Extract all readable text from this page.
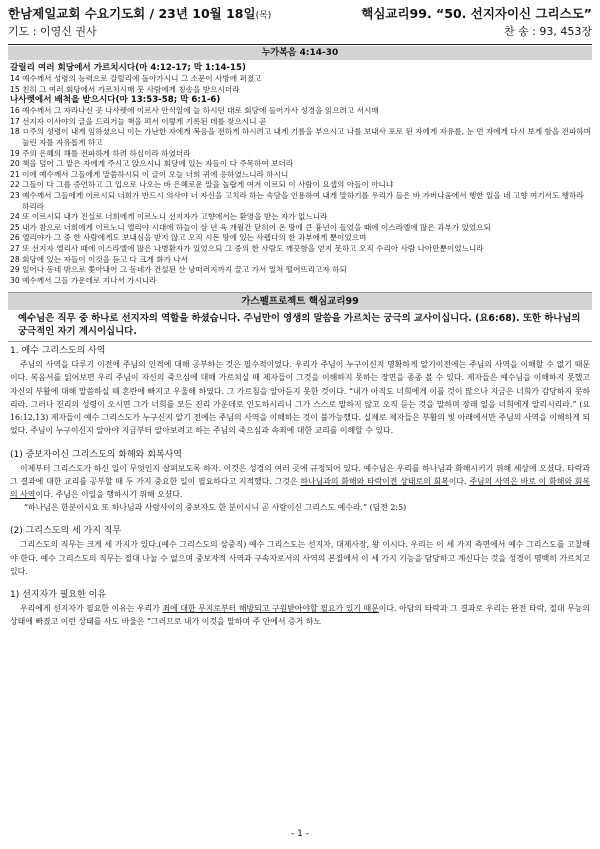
한남제일교회 수요기도회 / 23년 10월 18일(목)
기도 : 이영신 권사
핵심교리99. “50. 선지자이신 그리스도”
찬 송 : 93, 453장
누가복음 4:14-30

갈릴리 여러 회당에서 가르치시다(마 4:12-17; 막 1:14-15)

14 예수께서 성령의 능력으로 갈릴리에 돌아가시니 그 소문이 사방에 퍼졌고

15 친히 그 여러 회당에서 가르치시매 뭇 사람에게 칭송을 받으시더라

나사렛에서 배척을 받으시다(마 13:53-58; 막 6:1-6)

16 예수께서 그 자라나신 곳 나사렛에 이르사 안식일에 늘 하시던 대로 회당에 들어가사 성경을 읽으려고 서시매

17 선지자 이사야의 글을 드리거늘 책을 펴서 이렇게 기록된 데를 찾으시니 곧

18 ㅁ주의 성령이 내게 임하셨으니 이는 가난한 자에게 복음을 전하게 하시려고 내게 기름을 부으시고 나를 보내사 포로 된 자에게 자유를, 눈 먼 자에게 다시 보게 함을 전파하며 눌린 자를 자유롭게 하고

19 주의 은혜의 해를 전파하게 하려 하심이라 하였더라

20 책을 덮어 그 맡은 자에게 주시고 앉으시니 회당에 있는 자들이 다 주목하여 보더라

21 이에 예수께서 그들에게 말씀하시되 이 글이 오늘 너희 귀에 응하였느니라 하시니

22 그들이 다 그를 증언하고 그 입으로 나오는 바 은혜로운 말을 놀랍게 여겨 이르되 이 사람이 요셉의 아들이 아니냐

23 예수께서 그들에게 이르시되 너희가 반드시 의사야 너 자신을 고치라 하는 속담을 인용하여 내게 말하기를 우리가 들은 바 가버나움에서 행한 일을 네 고향 여기서도 행하라 하리라

24 또 이르시되 내가 진실로 너희에게 이르노니 선지자가 고향에서는 환영을 받는 자가 없느니라

25 내가 참으로 너희에게 이르노니 엘리야 시대에 하늘이 삼 년 육 개월간 닫히어 온 땅에 큰 흉년이 들었을 때에 이스라엘에 많은 과부가 있었으되

26 엘리야가 그 중 한 사람에게도 보내심을 받지 않고 오직 시돈 땅에 있는 사렙다의 한 과부에게 뿐이었으며

27 또 선지자 엘리사 때에 이스라엘에 많은 나병환자가 있었으되 그 중의 한 사람도 깨끗함을 얻지 못하고 오직 수리아 사람 나아만뿐이었느니라

28 회당에 있는 자들이 이것을 듣고 다 크게 화가 나서

29 일어나 동네 밖으로 쫓아내어 그 동네가 건설된 산 낭떠러지까지 끌고 가서 밀쳐 떨어뜨리고자 하되

30 예수께서 그들 가운데로 지나서 가시니라

가스펠프로젝트 핵심교리99
예수님은 직무 중 하나로 선지자의 역할을 하셨습니다. 주님만이 영생의 말씀을 가르치는 궁극의 교사이십니다. (요6:68). 또한 하나님의 궁극적인 자기 계시이십니다.
1. 예수 그리스도의 사역

주님의 사역을 다루기 이전에 주님의 인격에 대해 공부하는 것은 필수적이었다. 우리가 주님이 누구이신지 명확하게 알기이전에는 주님의 사역을 이해할 수 없기 때문이다. 복음서를 읽어보면 우리 주님이 자신의 죽으심에 대해 가르치실 때 제자들이 그것을 이해하지 못하는 장면을 종종 볼 수 있다. 제자들은 예수님을 이해하지 못했고 자신의 부활에 대해 말씀하실 때 혼란에 빠지고 우울해 하였다. 그 가르침을 알아듣지 못한 것이다. “내가 아직도 너희에게 이를 것이 많으나 지금은 너희가 감당하지 못하리라. 그러나 진리의 성령이 오시면 그가 너희를 모든 진리 가운데로 인도하시리니 그가 스스로 말하지 않고 오직 듣는 것을 말하며 장래 일을 너희에게 알리시리라.” (요16:12,13) 제자들이 예수 그리스도가 누구신지 알기 전에는 주님의 사역을 이해하는 것이 불가능했다. 실제로 제자들은 부활의 빛 아래에서만 주님의 사역을 이해하게 되었다. 주님이 누구이신지 알아야 지금부터 알아보려고 하는 주님의 죽으심과 속죄에 대한 교리를 이해할 수 있다.

(1) 중보자이신 그리스도의 화해와 회복사역

이제부터 그리스도가 하신 일이 무엇인지 살펴보도록 하자. 이것은 성경의 여러 곳에 규정되어 있다. 예수님은 우리를 하나님과 화해시키기 위해 세상에 오셨다. 타락과 그 결과에 대한 교리를 공부할 때 두 가지 중요한 일이 필요하다고 지적했다. 그것은 하나님과의 화해와 타락이전 상태로의 회복이다. 주님의 사역은 바로 이 화해와 회복의 사역이다. 주님은 이일을 행하시기 위해 오셨다.

“하나님은 한분이시요 또 하나님과 사람사이의 중보자도 한 분이시니 곧 사람이신 그리스도 예수라.” (딤전 2:5)

(2) 그리스도의 세 가지 직무

그리스도의 직무는 크게 세 가지가 있다.(예수 그리스도의 삼중직) 예수 그리스도는 선지자, 대제사장, 왕 이시다. 우리는 이 세 가지 측면에서 예수 그리스도를 고찰해야 한다. 예수 그리스도의 직무는 절대 나눌 수 없으며 중보자적 사역과 구속자로서의 사역의 본질에서 이 세 가지 기능을 담당하고 계신다는 것을 성경이 명백히 가르치고 있다.

1) 선지자가 필요한 이유

우리에게 선지자가 필요한 이유는 우리가 죄에 대한 무지로부터 해방되고 구원받아야할 필요가 있기 때문이다. 아담의 타락과 그 결과로 우리는 완전 타락, 절대 무능의 상태에 빠졌고 이런 상태를 사도 바울은 “그러므로 내가 이것을 말하며 주 안에서 증거 하노

- 1 -
